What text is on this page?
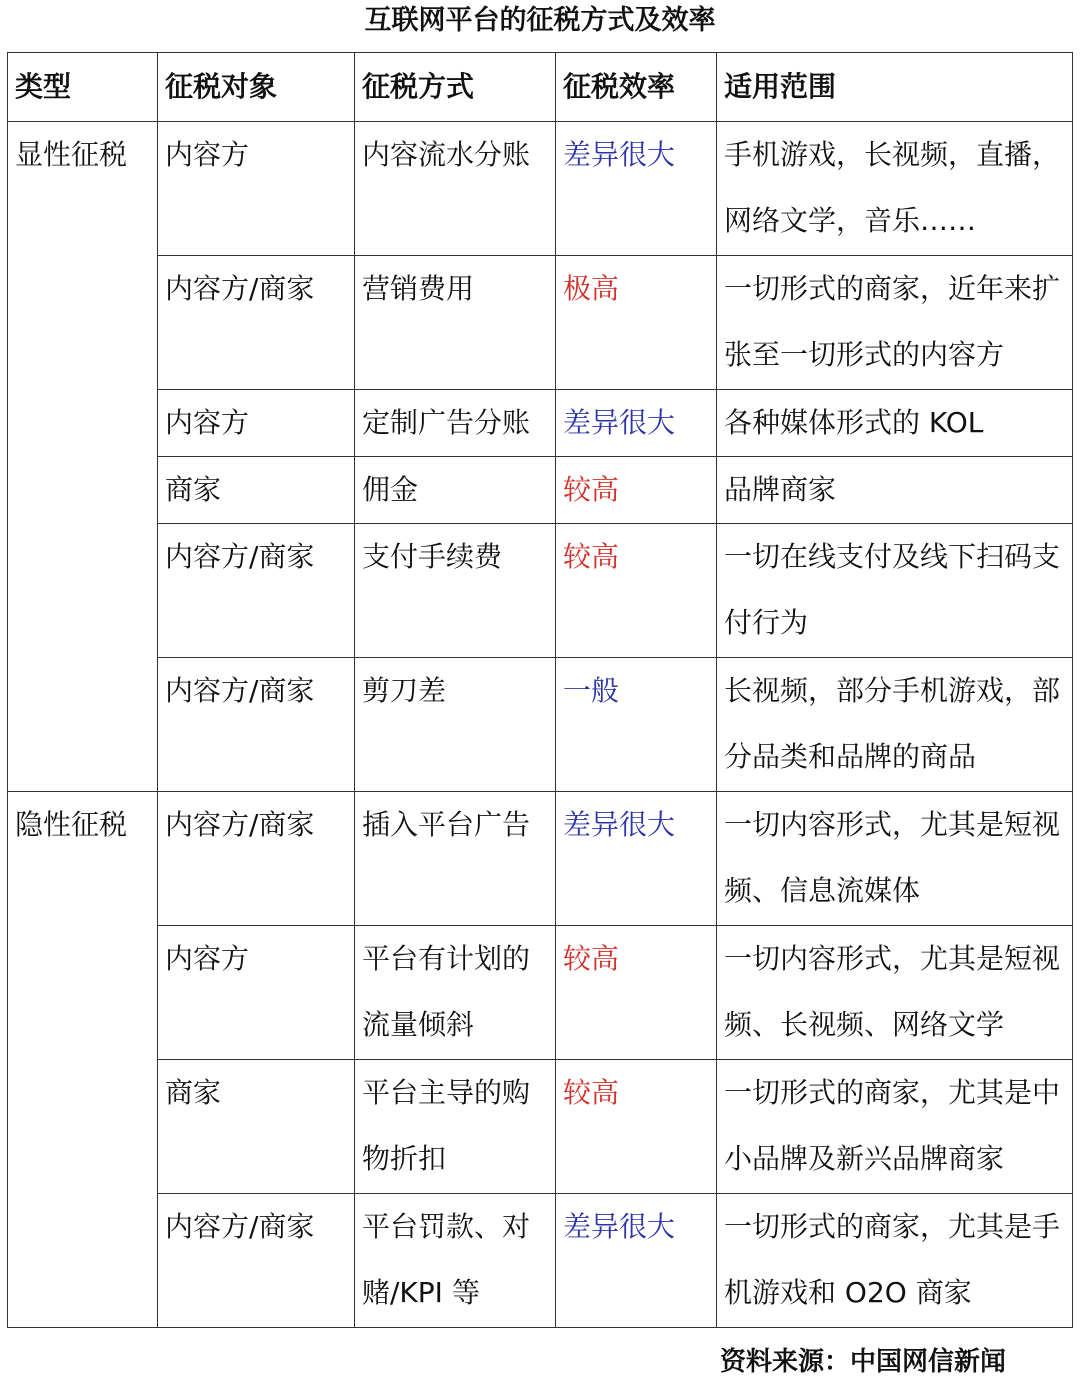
互联网平台的征税方式及效率
类型	征税对象	征税方式	征税效率	适用范围
显性征税	内容方	内容流水分账	差异很大	手机游戏，长视频，直播，网络文学，音乐……
	内容方/商家	营销费用	极高	一切形式的商家，近年来扩张至一切形式的内容方
	内容方	定制广告分账	差异很大	各种媒体形式的 KOL
	商家	佣金	较高	品牌商家
	内容方/商家	支付手续费	较高	一切在线支付及线下扫码支付行为
	内容方/商家	剪刀差	一般	长视频，部分手机游戏，部分品类和品牌的商品
隐性征税	内容方/商家	插入平台广告	差异很大	一切内容形式，尤其是短视频、信息流媒体
	内容方	平台有计划的流量倾斜	较高	一切内容形式，尤其是短视频、长视频、网络文学
	商家	平台主导的购物折扣	较高	一切形式的商家，尤其是中小品牌及新兴品牌商家
	内容方/商家	平台罚款、对赌/KPI 等	差异很大	一切形式的商家，尤其是手机游戏和 O2O 商家
资料来源：中国网信新闻
